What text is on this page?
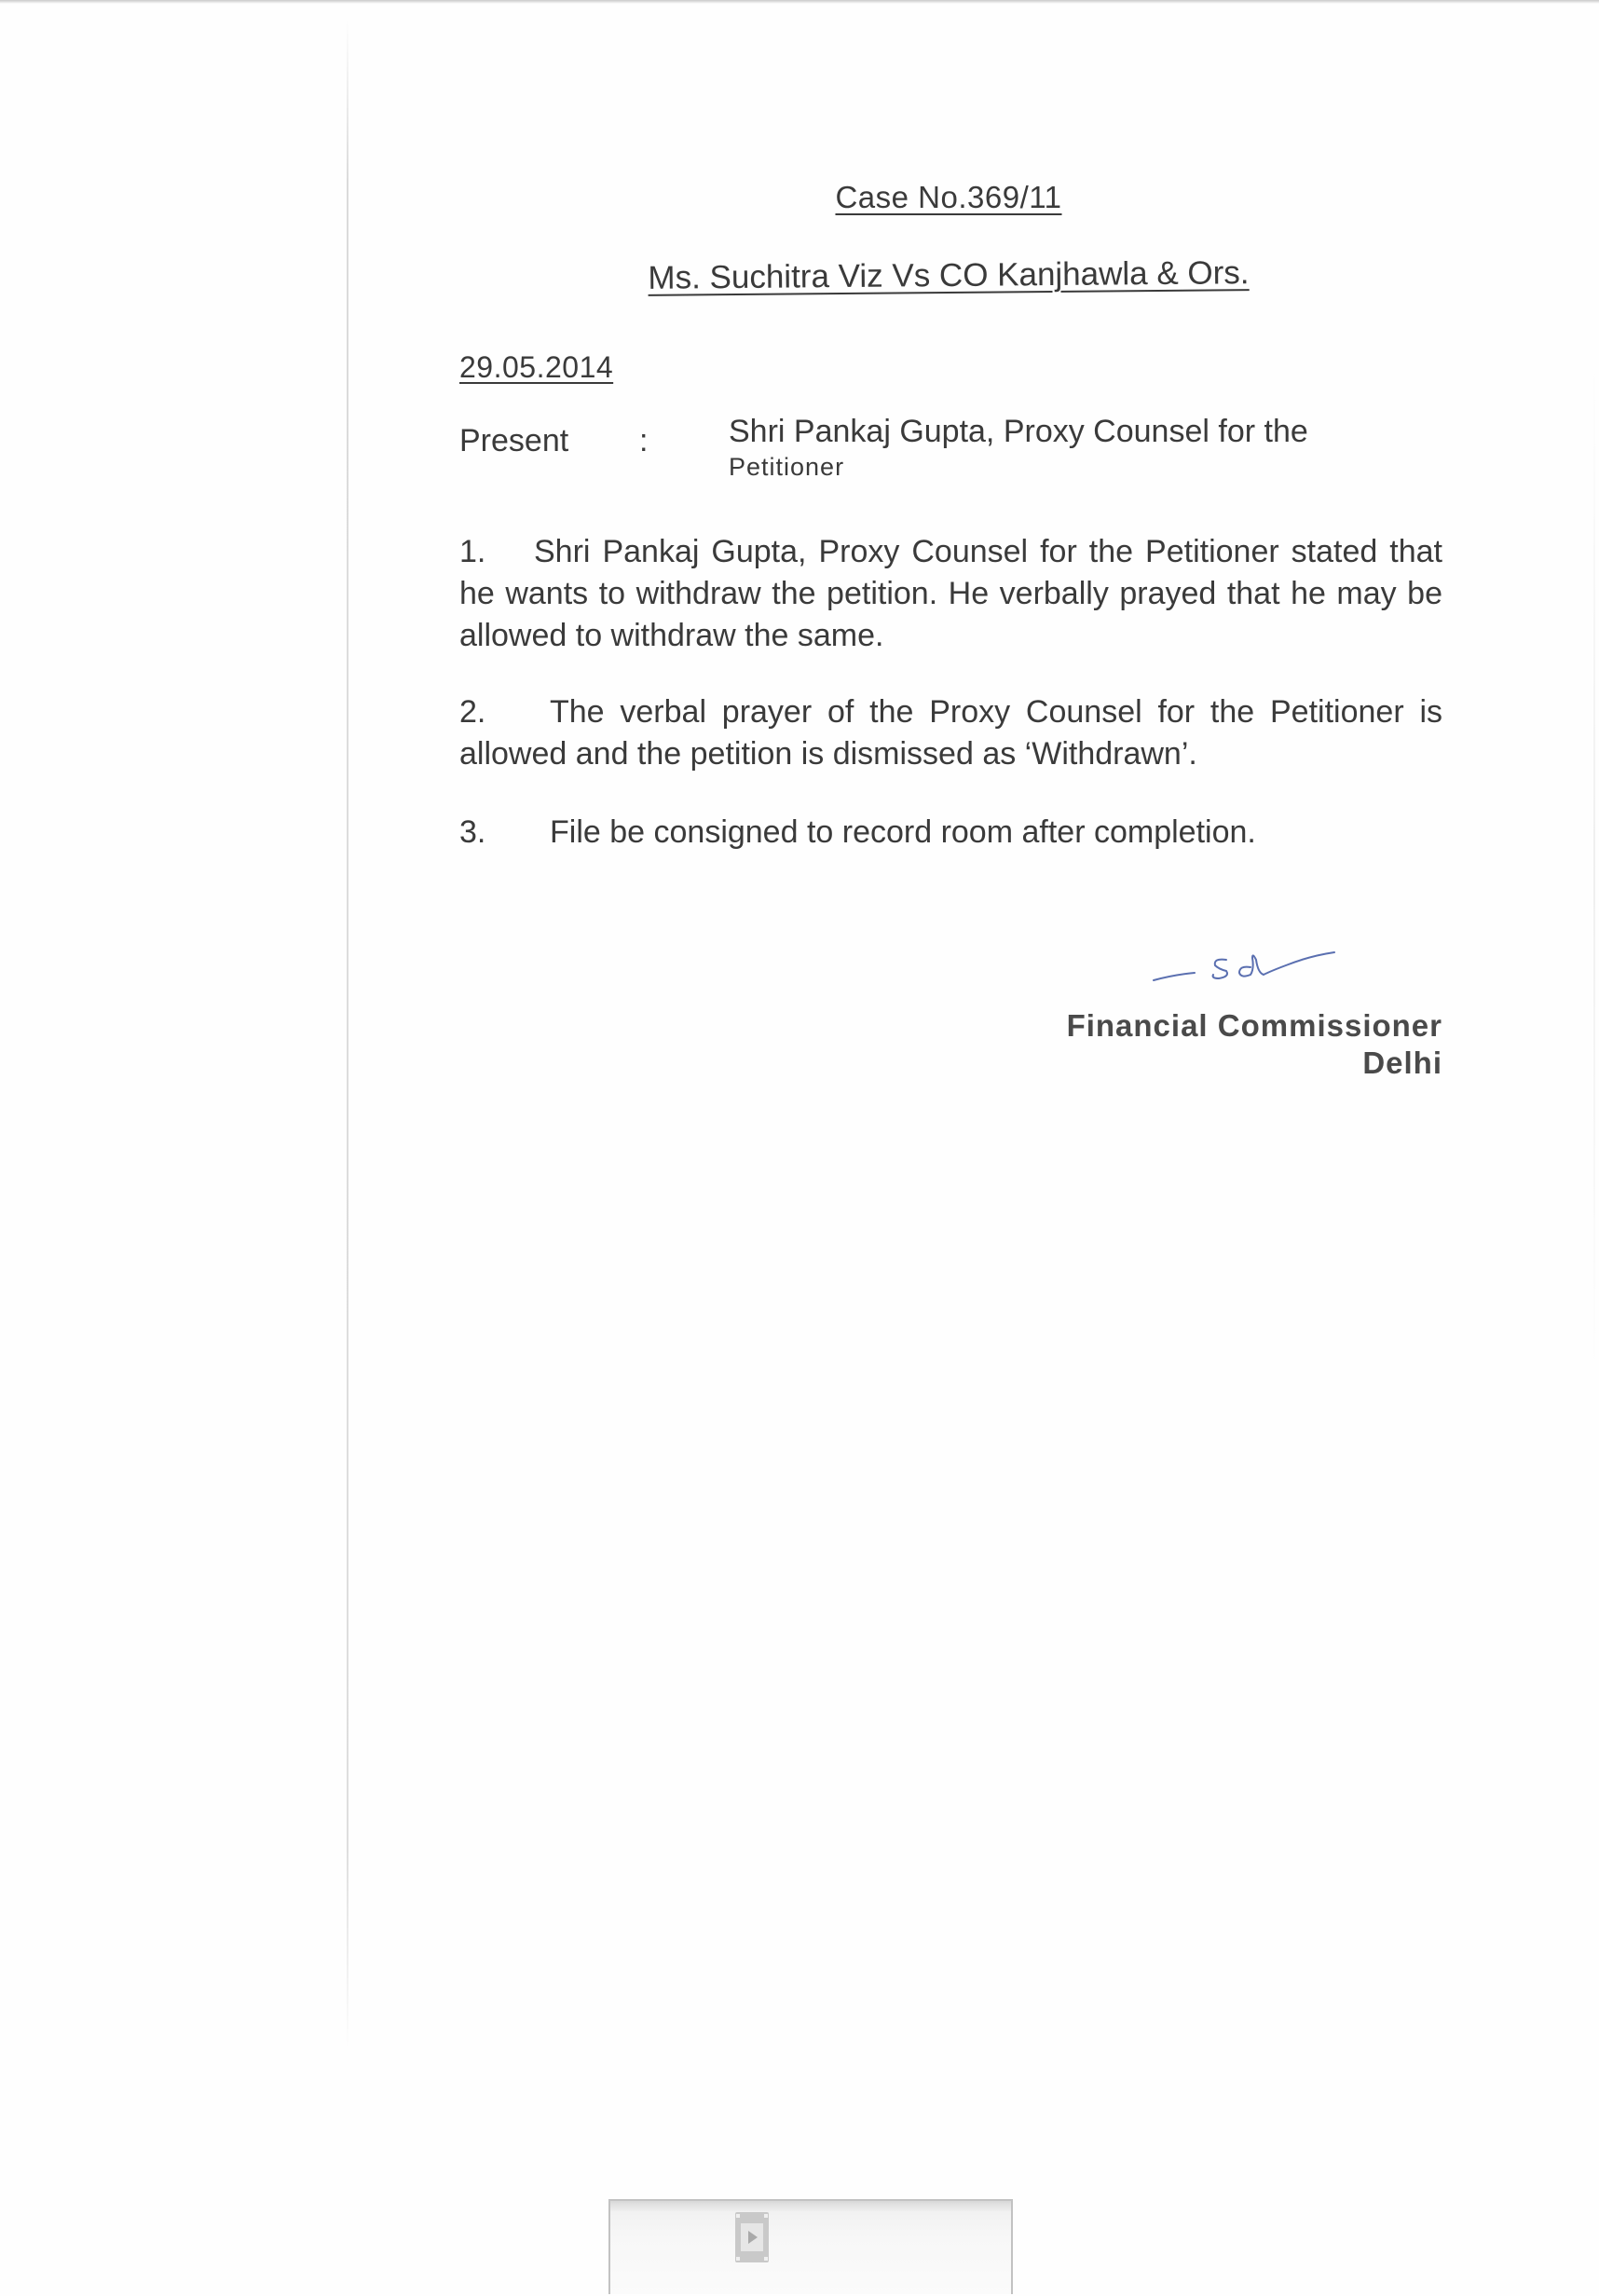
Case No.369/11
Ms. Suchitra Viz Vs CO Kanjhawla & Ors.
29.05.2014
Present :	Shri Pankaj Gupta, Proxy Counsel for the
Petitioner
1. Shri Pankaj Gupta, Proxy Counsel for the Petitioner stated that he wants to withdraw the petition. He verbally prayed that he may be allowed to withdraw the same.
2. The verbal prayer of the Proxy Counsel for the Petitioner is allowed and the petition is dismissed as ‘Withdrawn’.
3. File be consigned to record room after completion.
Financial Commissioner
Delhi
